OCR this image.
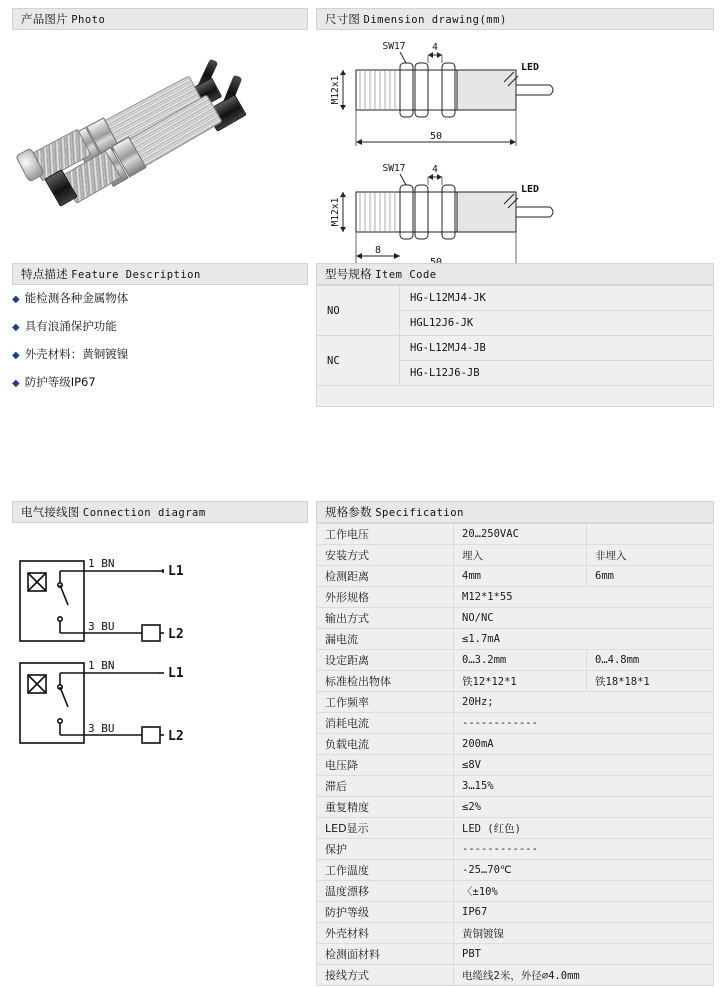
产品图片 Photo	尺寸图 Dimension drawing(mm)
SW17	4
M12x1
50
LED
SW17	4
M12x1
8
LED
特点描述 Feature Description
◆ 能检测各种金属物体
◆ 具有浪涌保护功能
◆ 外壳材料：黄铜镀镍
◆ 防护等级IP67
型号规格 Item Code
NO	HG-L12MJ4-JK
	HGL12J6-JK
NC	HG-L12MJ4-JB
	HG-L12J6-JB

电气接线图 Connection diagram
1 BN
3 BU
L1
L2
1 BN
3 BU
L1
L2
规格参数 Specification
工作电压	20…250VAC	
安装方式	埋入	非埋入
检测距离	4mm	6mm
外形规格	M12*1*55	
输出方式	NO/NC	
漏电流	≤1.7mA	
设定距离	0…3.2mm	0…4.8mm
标准检出物体	铁12*12*1	铁18*18*1
工作频率	20Hz;	
消耗电流	------------	
负载电流	200mA	
电压降	≤8V	
滞后	3…15%	
重复精度	≤2%	
LED显示	LED (红色)	
保护	------------	
工作温度	-25…70℃	
温度漂移	〈±10%	
防护等级	IP67	
外壳材料	黄铜镀镍	
检测面材料	PBT	
接线方式	电缆线2米，外径∅4.0mm	
